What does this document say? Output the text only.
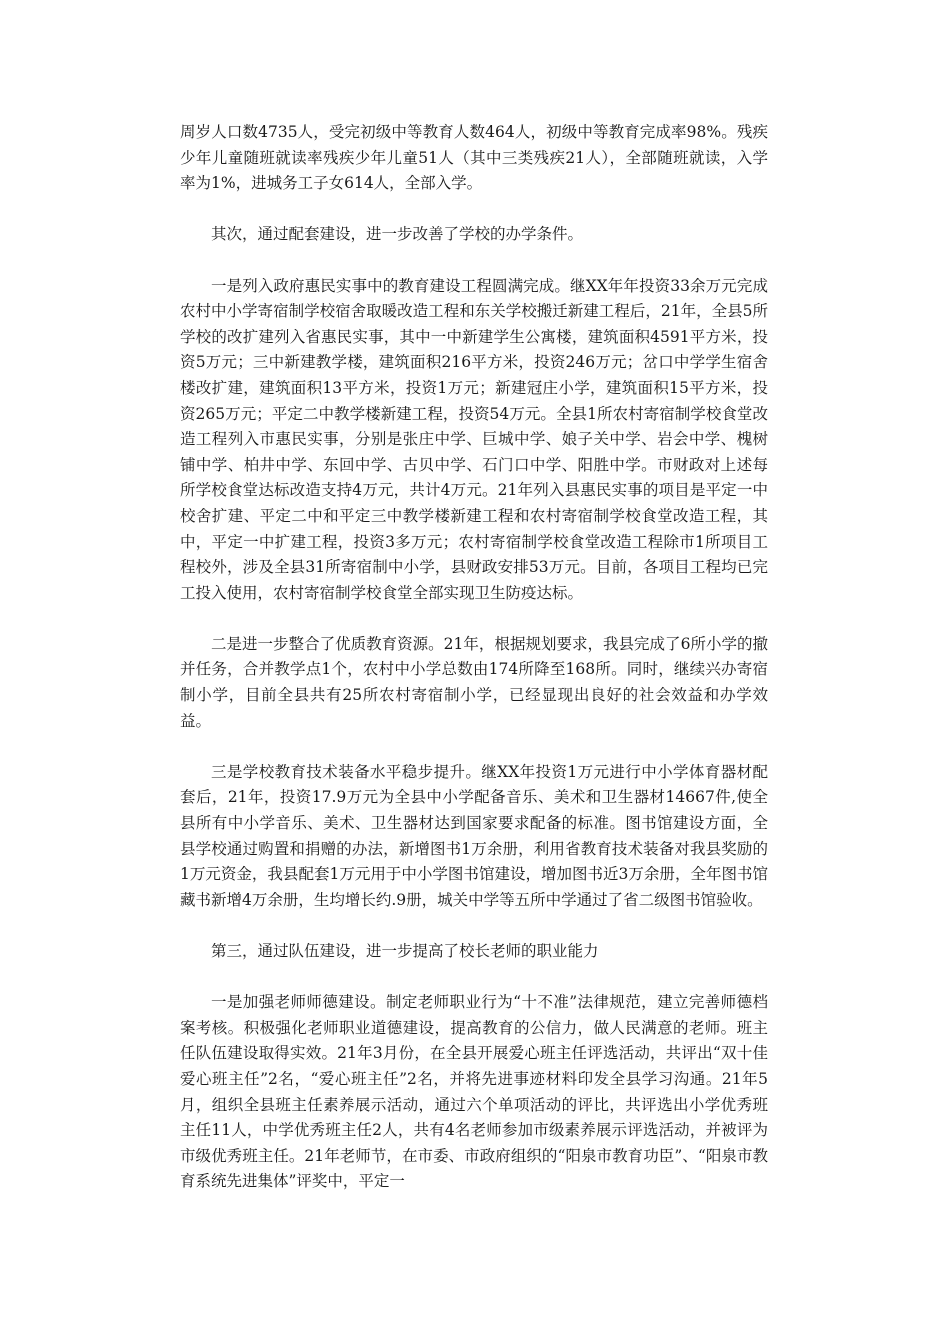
周岁人口数4735人，受完初级中等教育人数464人，初级中等教育完成率98%。残疾少年儿童随班就读率残疾少年儿童51人（其中三类残疾21人），全部随班就读，入学率为1%，进城务工子女614人，全部入学。

其次，通过配套建设，进一步改善了学校的办学条件。

一是列入政府惠民实事中的教育建设工程圆满完成。继XX年年投资33余万元完成农村中小学寄宿制学校宿舍取暖改造工程和东关学校搬迁新建工程后，21年，全县5所学校的改扩建列入省惠民实事，其中一中新建学生公寓楼，建筑面积4591平方米，投资5万元；三中新建教学楼，建筑面积216平方米，投资246万元；岔口中学学生宿舍楼改扩建，建筑面积13平方米，投资1万元；新建冠庄小学，建筑面积15平方米，投资265万元；平定二中教学楼新建工程，投资54万元。全县1所农村寄宿制学校食堂改造工程列入市惠民实事，分别是张庄中学、巨城中学、娘子关中学、岩会中学、槐树铺中学、柏井中学、东回中学、古贝中学、石门口中学、阳胜中学。市财政对上述每所学校食堂达标改造支持4万元，共计4万元。21年列入县惠民实事的项目是平定一中校舍扩建、平定二中和平定三中教学楼新建工程和农村寄宿制学校食堂改造工程，其中，平定一中扩建工程，投资3多万元；农村寄宿制学校食堂改造工程除市1所项目工程校外，涉及全县31所寄宿制中小学，县财政安排53万元。目前，各项目工程均已完工投入使用，农村寄宿制学校食堂全部实现卫生防疫达标。

二是进一步整合了优质教育资源。21年，根据规划要求，我县完成了6所小学的撤并任务，合并教学点1个，农村中小学总数由174所降至168所。同时，继续兴办寄宿制小学，目前全县共有25所农村寄宿制小学，已经显现出良好的社会效益和办学效益。

三是学校教育技术装备水平稳步提升。继XX年投资1万元进行中小学体育器材配套后，21年，投资17.9万元为全县中小学配备音乐、美术和卫生器材14667件,使全县所有中小学音乐、美术、卫生器材达到国家要求配备的标准。图书馆建设方面，全县学校通过购置和捐赠的办法，新增图书1万余册，利用省教育技术装备对我县奖励的1万元资金，我县配套1万元用于中小学图书馆建设，增加图书近3万余册，全年图书馆藏书新增4万余册，生均增长约.9册，城关中学等五所中学通过了省二级图书馆验收。

第三，通过队伍建设，进一步提高了校长老师的职业能力

一是加强老师师德建设。制定老师职业行为“十不准”法律规范，建立完善师德档案考核。积极强化老师职业道德建设，提高教育的公信力，做人民满意的老师。班主任队伍建设取得实效。21年3月份，在全县开展爱心班主任评选活动，共评出“双十佳爱心班主任”2名，“爱心班主任”2名，并将先进事迹材料印发全县学习沟通。21年5月，组织全县班主任素养展示活动，通过六个单项活动的评比，共评选出小学优秀班主任11人，中学优秀班主任2人，共有4名老师参加市级素养展示评选活动，并被评为市级优秀班主任。21年老师节，在市委、市政府组织的“阳泉市教育功臣”、“阳泉市教育系统先进集体”评奖中，平定一
